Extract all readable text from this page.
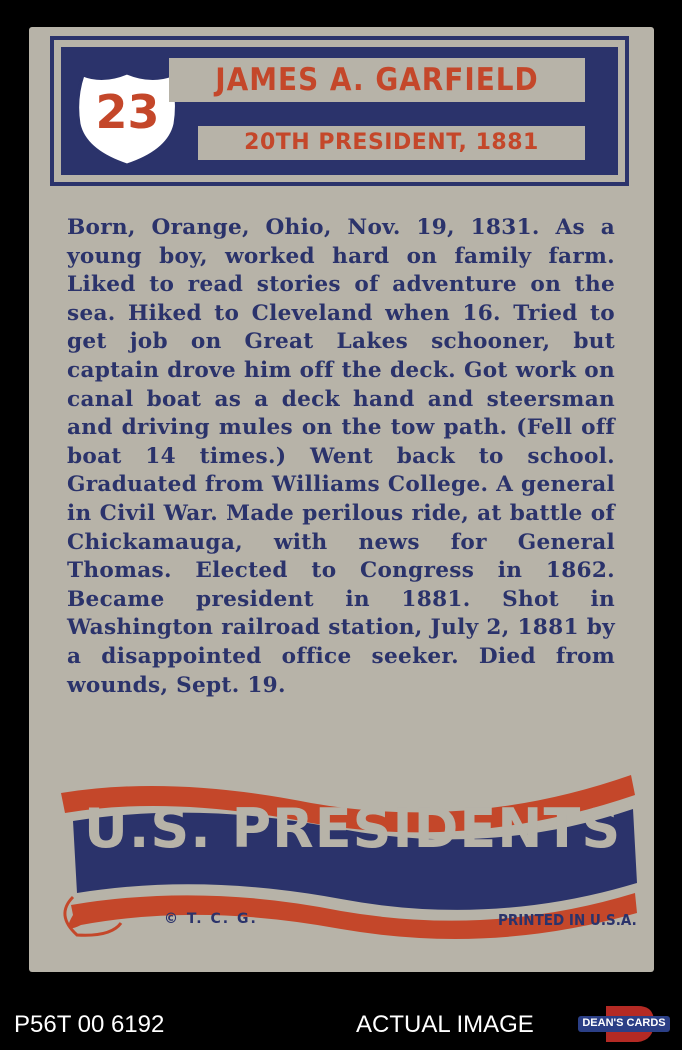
23
JAMES A. GARFIELD
20TH PRESIDENT, 1881

Born, Orange, Ohio, Nov. 19, 1831. As a young boy, worked hard on family farm. Liked to read stories of adventure on the sea. Hiked to Cleveland when 16. Tried to get job on Great Lakes schooner, but captain drove him off the deck. Got work on canal boat as a deck hand and steersman and driving mules on the tow path. (Fell off boat 14 times.) Went back to school. Graduated from Williams College. A general in Civil War. Made perilous ride, at battle of Chickamauga, with news for General Thomas. Elected to Congress in 1862. Became president in 1881. Shot in Washington railroad station, July 2, 1881 by a disappointed office seeker. Died from wounds, Sept. 19.

U.S. PRESIDENTS
© T. C. G.	PRINTED IN U.S.A.
P56T 00 6192	ACTUAL IMAGE	DEAN'S CARDS
